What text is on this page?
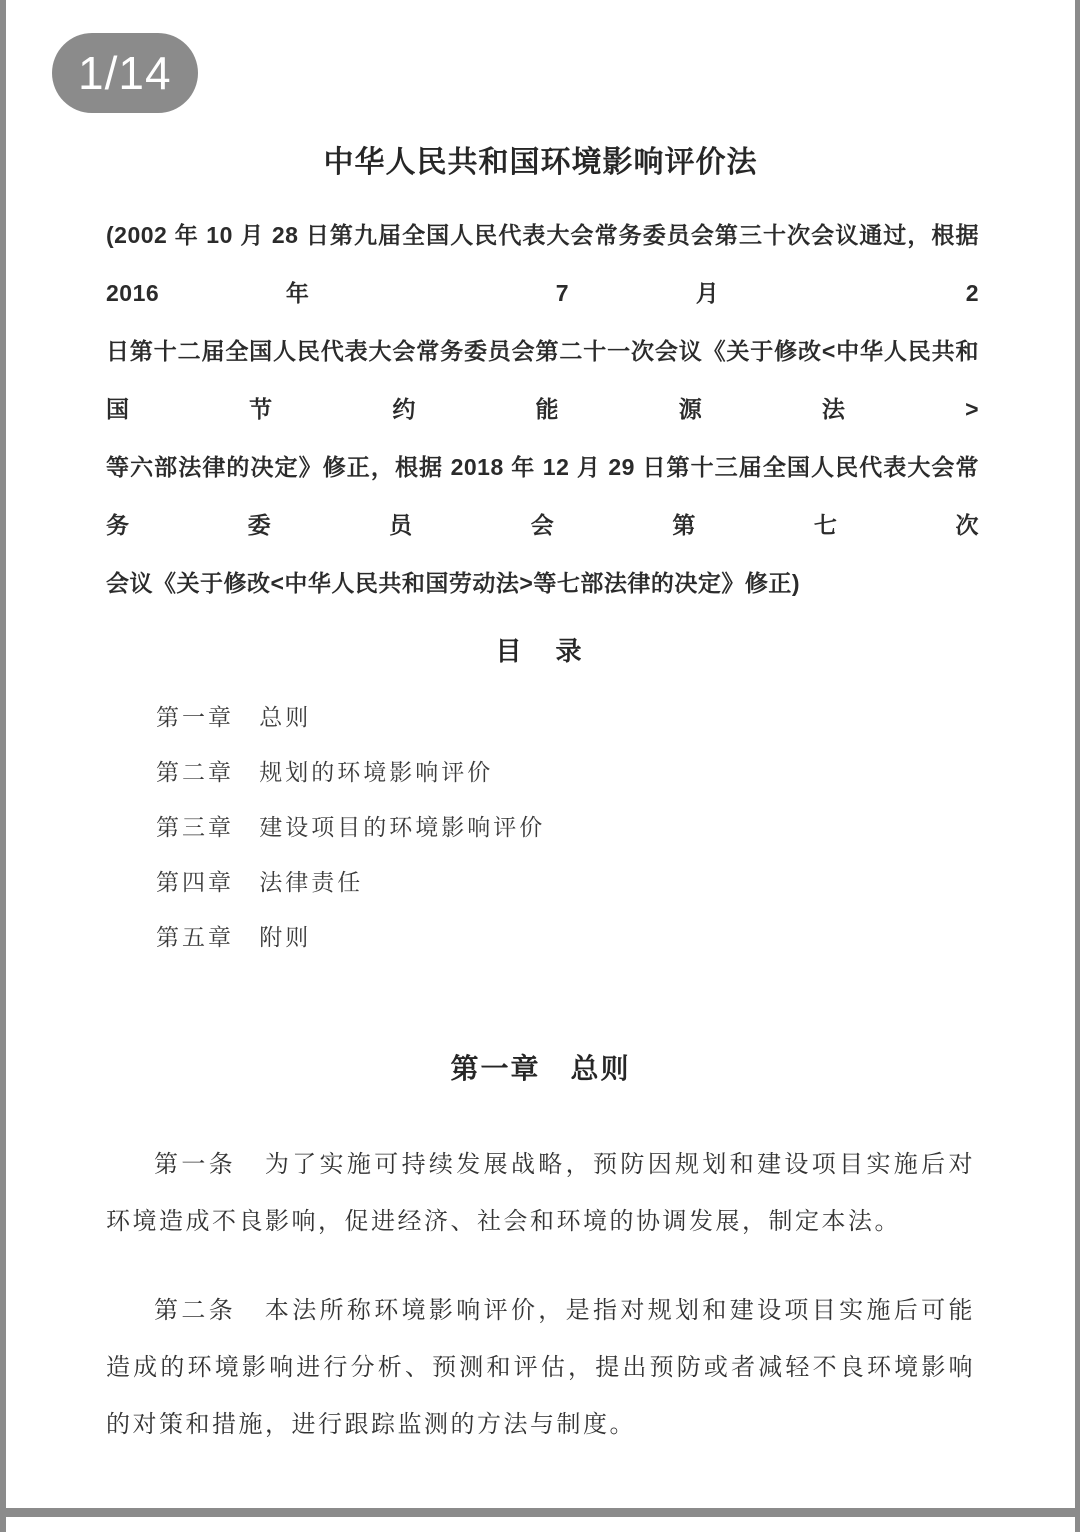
1/14
中华人民共和国环境影响评价法
(2002 年 10 月 28 日第九届全国人民代表大会常务委员会第三十次会议通过，根据 2016 年 7 月 2
日第十二届全国人民代表大会常务委员会第二十一次会议《关于修改<中华人民共和国节约能源法>
等六部法律的决定》修正，根据 2018 年 12 月 29 日第十三届全国人民代表大会常务委员会第七次
会议《关于修改<中华人民共和国劳动法>等七部法律的决定》修正)
目　录
第一章 总则
第二章 规划的环境影响评价
第三章 建设项目的环境影响评价
第四章 法律责任
第五章 附则
第一章　总则

第一条 为了实施可持续发展战略，预防因规划和建设项目实施后对环境造成不良影响，促进经济、社会和环境的协调发展，制定本法。

第二条 本法所称环境影响评价，是指对规划和建设项目实施后可能造成的环境影响进行分析、预测和评估，提出预防或者减轻不良环境影响的对策和措施，进行跟踪监测的方法与制度。
